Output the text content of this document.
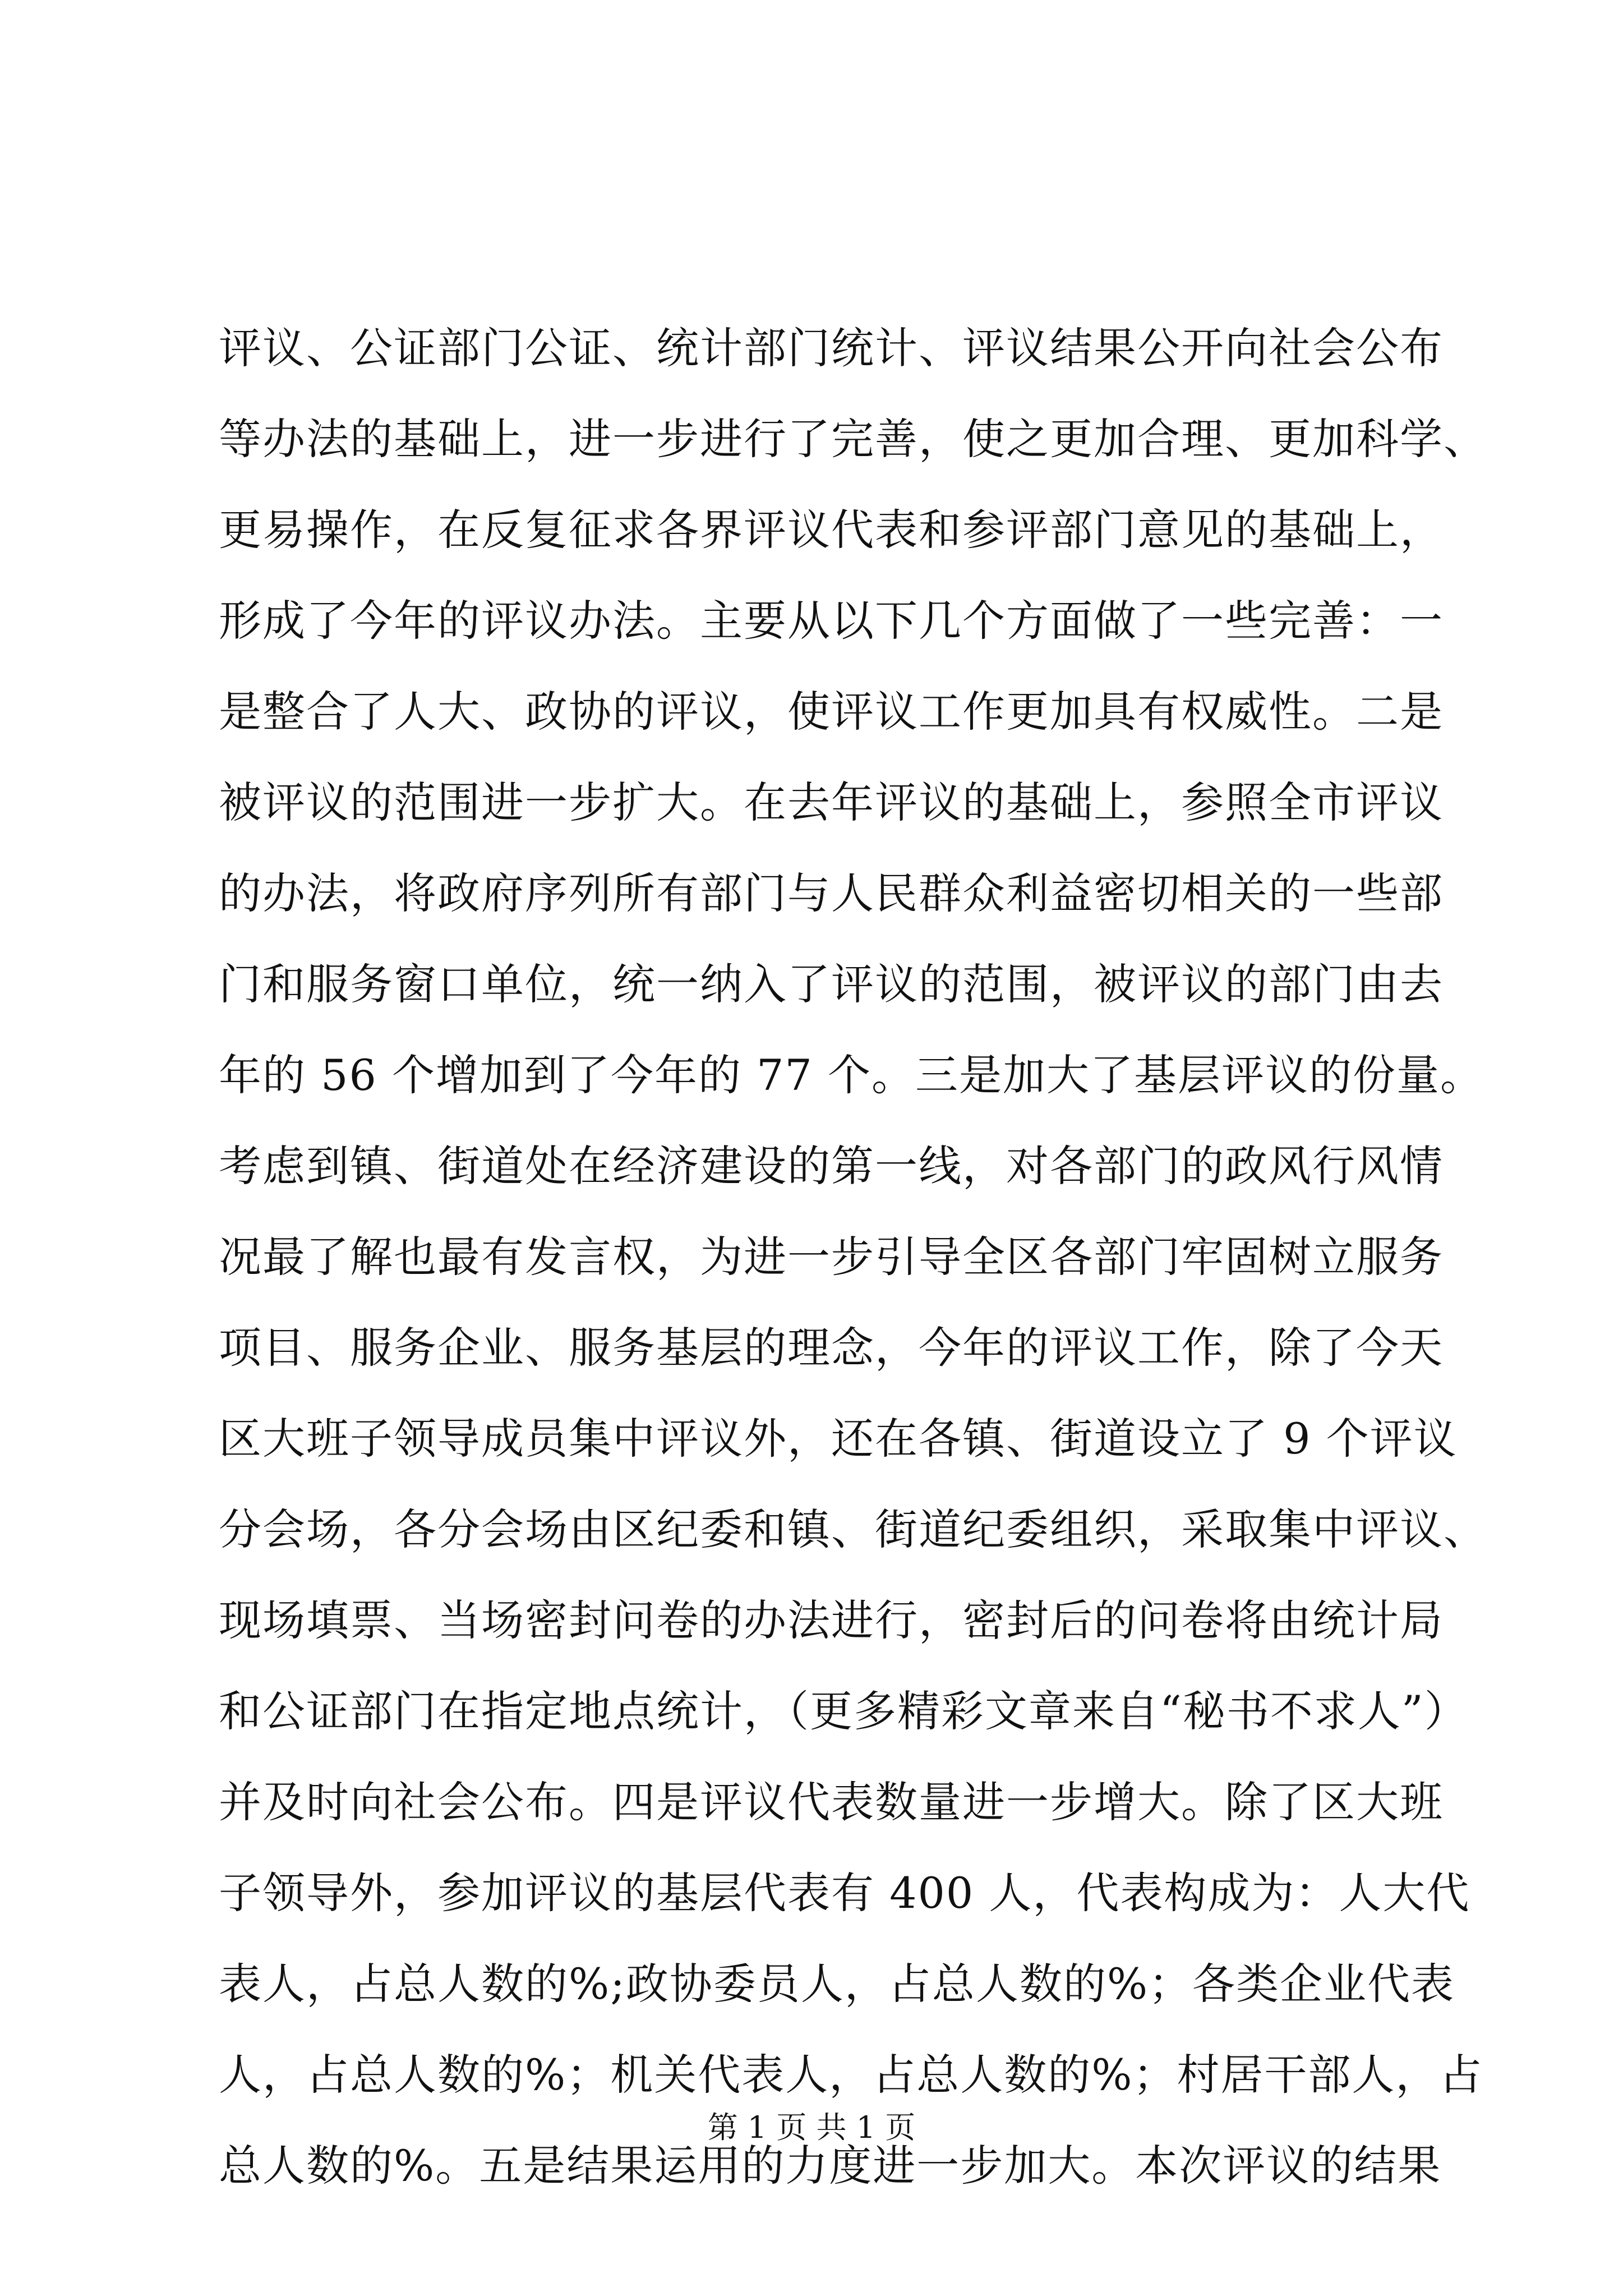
评议、公证部门公证、统计部门统计、评议结果公开向社会公布
等办法的基础上，进一步进行了完善，使之更加合理、更加科学、
更易操作，在反复征求各界评议代表和参评部门意见的基础上，
形成了今年的评议办法。主要从以下几个方面做了一些完善：一
是整合了人大、政协的评议，使评议工作更加具有权威性。二是
被评议的范围进一步扩大。在去年评议的基础上，参照全市评议
的办法，将政府序列所有部门与人民群众利益密切相关的一些部
门和服务窗口单位，统一纳入了评议的范围，被评议的部门由去
年的 56 个增加到了今年的 77 个。三是加大了基层评议的份量。
考虑到镇、街道处在经济建设的第一线，对各部门的政风行风情
况最了解也最有发言权，为进一步引导全区各部门牢固树立服务
项目、服务企业、服务基层的理念，今年的评议工作，除了今天
区大班子领导成员集中评议外，还在各镇、街道设立了 9 个评议
分会场，各分会场由区纪委和镇、街道纪委组织，采取集中评议、
现场填票、当场密封问卷的办法进行，密封后的问卷将由统计局
和公证部门在指定地点统计，（更多精彩文章来自“秘书不求人”）
并及时向社会公布。四是评议代表数量进一步增大。除了区大班
子领导外，参加评议的基层代表有 400 人，代表构成为：人大代
表人，占总人数的%;政协委员人，占总人数的%；各类企业代表
人，占总人数的%；机关代表人，占总人数的%；村居干部人，占
总人数的%。五是结果运用的力度进一步加大。本次评议的结果
第 1 页 共 1 页
